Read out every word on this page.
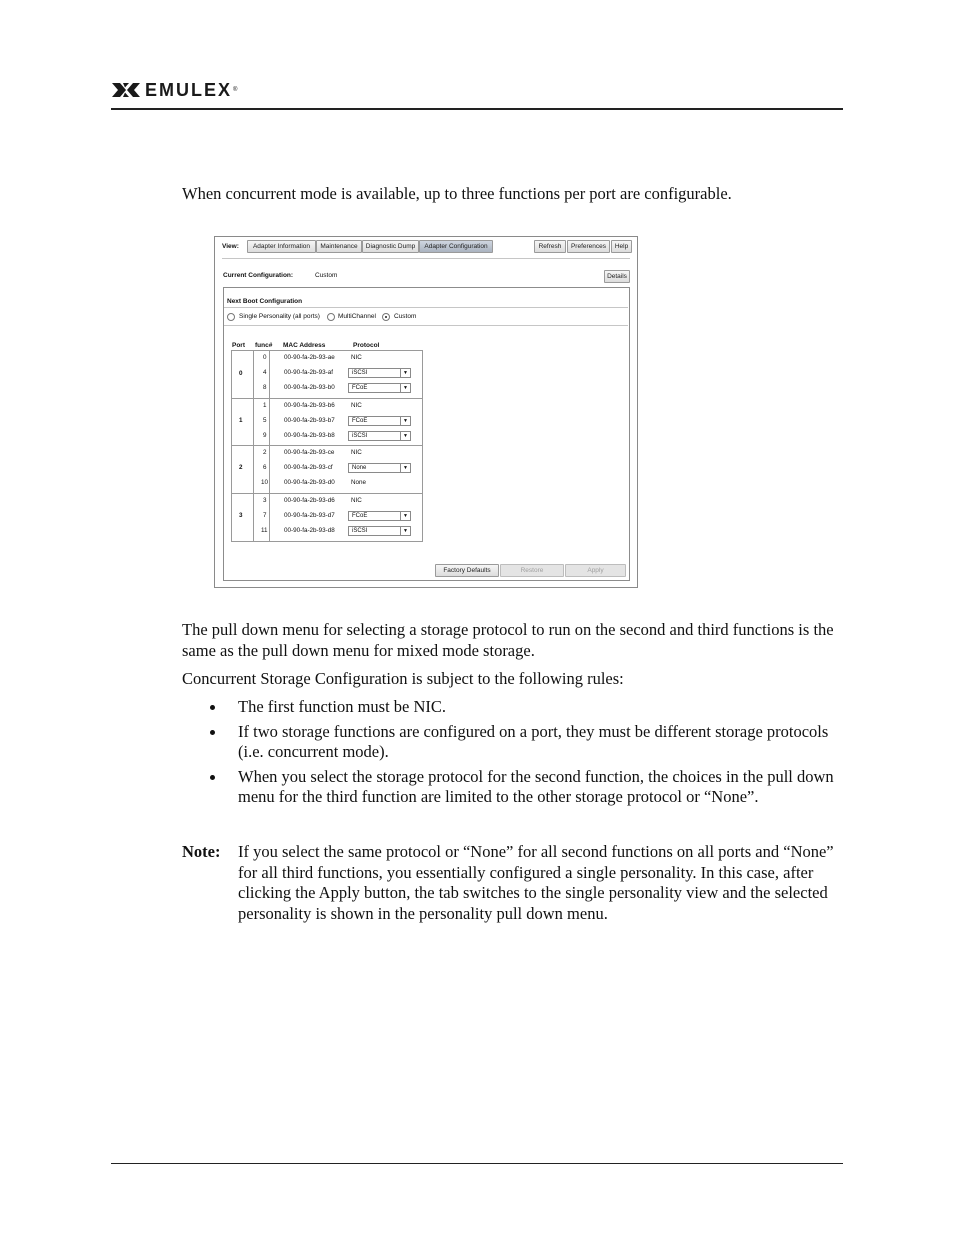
EMULEX ®

When concurrent mode is available, up to three functions per port are configurable.

View:	Adapter Information	Maintenance	Diagnostic Dump	Adapter Configuration	Refresh	Preferences	Help
Current Configuration:	Custom	Details
Next Boot Configuration
Single Personality (all ports)	MultiChannel	Custom
Port func# MAC Address	Protocol
0
0	00-90-fa-2b-93-ae	NIC
4	00-90-fa-2b-93-af	iSCSI	▼
8	00-90-fa-2b-93-b0	FCoE	▼
1
1	00-90-fa-2b-93-b6	NIC
5	00-90-fa-2b-93-b7	FCoE	▼
9	00-90-fa-2b-93-b8	iSCSI	▼
2
2	00-90-fa-2b-93-ce	NIC
6	00-90-fa-2b-93-cf	None	▼
10	00-90-fa-2b-93-d0	None
3
3	00-90-fa-2b-93-d6	NIC
7	00-90-fa-2b-93-d7	FCoE	▼
11	00-90-fa-2b-93-d8	iSCSI	▼
Factory Defaults	Restore	Apply

The pull down menu for selecting a storage protocol to run on the second and third functions is the same as the pull down menu for mixed mode storage.

Concurrent Storage Configuration is subject to the following rules:

The first function must be NIC.
If two storage functions are configured on a port, they must be different storage protocols (i.e. concurrent mode).
When you select the storage protocol for the second function, the choices in the pull down menu for the third function are limited to the other storage protocol or “None”.
Note: If you select the same protocol or “None” for all second functions on all ports and “None” for all third functions, you essentially configured a single personality. In this case, after clicking the Apply button, the tab switches to the single personality view and the selected personality is shown in the personality pull down menu.
